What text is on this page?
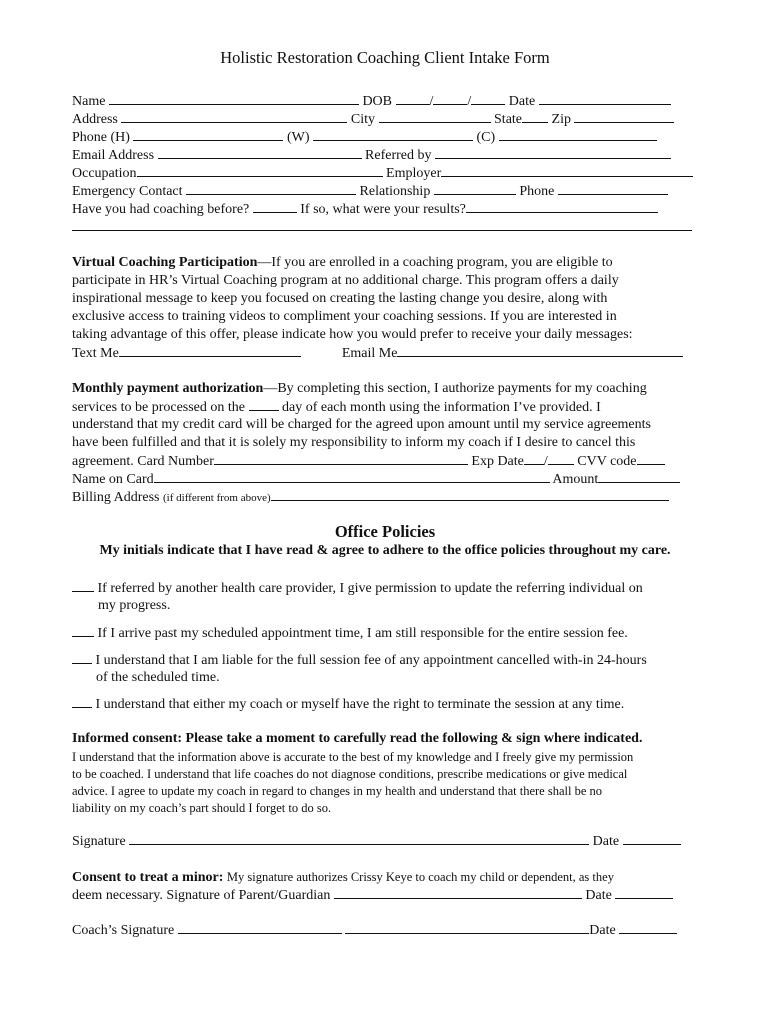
Holistic Restoration Coaching Client Intake Form
Name	DOB	/ /	Date
Address	City	State Zip
Phone (H)	(W)	(C)
Email Address	Referred by
Occupation	Employer
Emergency Contact	Relationship	Phone
Have you had coaching before?	If so, what were your results?
Virtual Coaching Participation—If you are enrolled in a coaching program, you are eligible to
participate in HR’s Virtual Coaching program at no additional charge. This program offers a daily
inspirational message to keep you focused on creating the lasting change you desire, along with
exclusive access to training videos to compliment your coaching sessions. If you are interested in
taking advantage of this offer, please indicate how you would prefer to receive your daily messages:
Text Me	Email Me
Monthly payment authorization—By completing this section, I authorize payments for my coaching
services to be processed on the	day of each month using the information I’ve provided. I
understand that my credit card will be charged for the agreed upon amount until my service agreements
have been fulfilled and that it is solely my responsibility to inform my coach if I desire to cancel this
agreement. Card Number	Exp Date / CVV code
Name on Card	Amount
Billing Address (if different from above)
Office Policies
My initials indicate that I have read & agree to adhere to the office policies throughout my care.
If referred by another health care provider, I give permission to update the referring individual on
my progress.
If I arrive past my scheduled appointment time, I am still responsible for the entire session fee.
I understand that I am liable for the full session fee of any appointment cancelled with-in 24-hours
of the scheduled time.
I understand that either my coach or myself have the right to terminate the session at any time.
Informed consent: Please take a moment to carefully read the following & sign where indicated.
I understand that the information above is accurate to the best of my knowledge and I freely give my permission
to be coached. I understand that life coaches do not diagnose conditions, prescribe medications or give medical
advice. I agree to update my coach in regard to changes in my health and understand that there shall be no
liability on my coach’s part should I forget to do so.
Signature	Date
Consent to treat a minor: My signature authorizes Crissy Keye to coach my child or dependent, as they
deem necessary. Signature of Parent/Guardian	Date
Coach’s Signature	Date
